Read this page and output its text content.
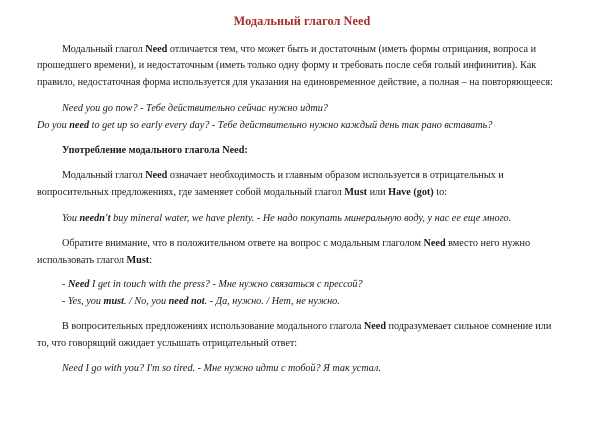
Модальный глагол Need
Модальный глагол Need отличается тем, что может быть и достаточным (иметь формы отрицания, вопроса и
прошедшего времени), и недостаточным (иметь только одну форму и требовать после себя голый инфинитив). Как
правило, недостаточная форма используется для указания на единовременное действие, а полная – на повторяющееся:
Need you go now? - Тебе действительно сейчас нужно идти?
Do you need to get up so early every day? - Тебе действительно нужно каждый день так рано вставать?
Употребление модального глагола Need:
Модальный глагол Need означает необходимость и главным образом используется в отрицательных и
вопросительных предложениях, где заменяет собой модальный глагол Must или Have (got) to:
You needn't buy mineral water, we have plenty. - Не надо покупать минеральную воду, у нас ее еще много.
Обратите внимание, что в положительном ответе на вопрос с модальным глаголом Need вместо него нужно
использовать глагол Must:
- Need I get in touch with the press? - Мне нужно связаться с прессой?
- Yes, you must. / No, you need not. - Да, нужно. / Нет, не нужно.
В вопросительных предложениях использование модального глагола Need подразумевает сильное сомнение или
то, что говорящий ожидает услышать отрицательный ответ:
Need I go with you? I'm so tired. - Мне нужно идти с тобой? Я так устал.
